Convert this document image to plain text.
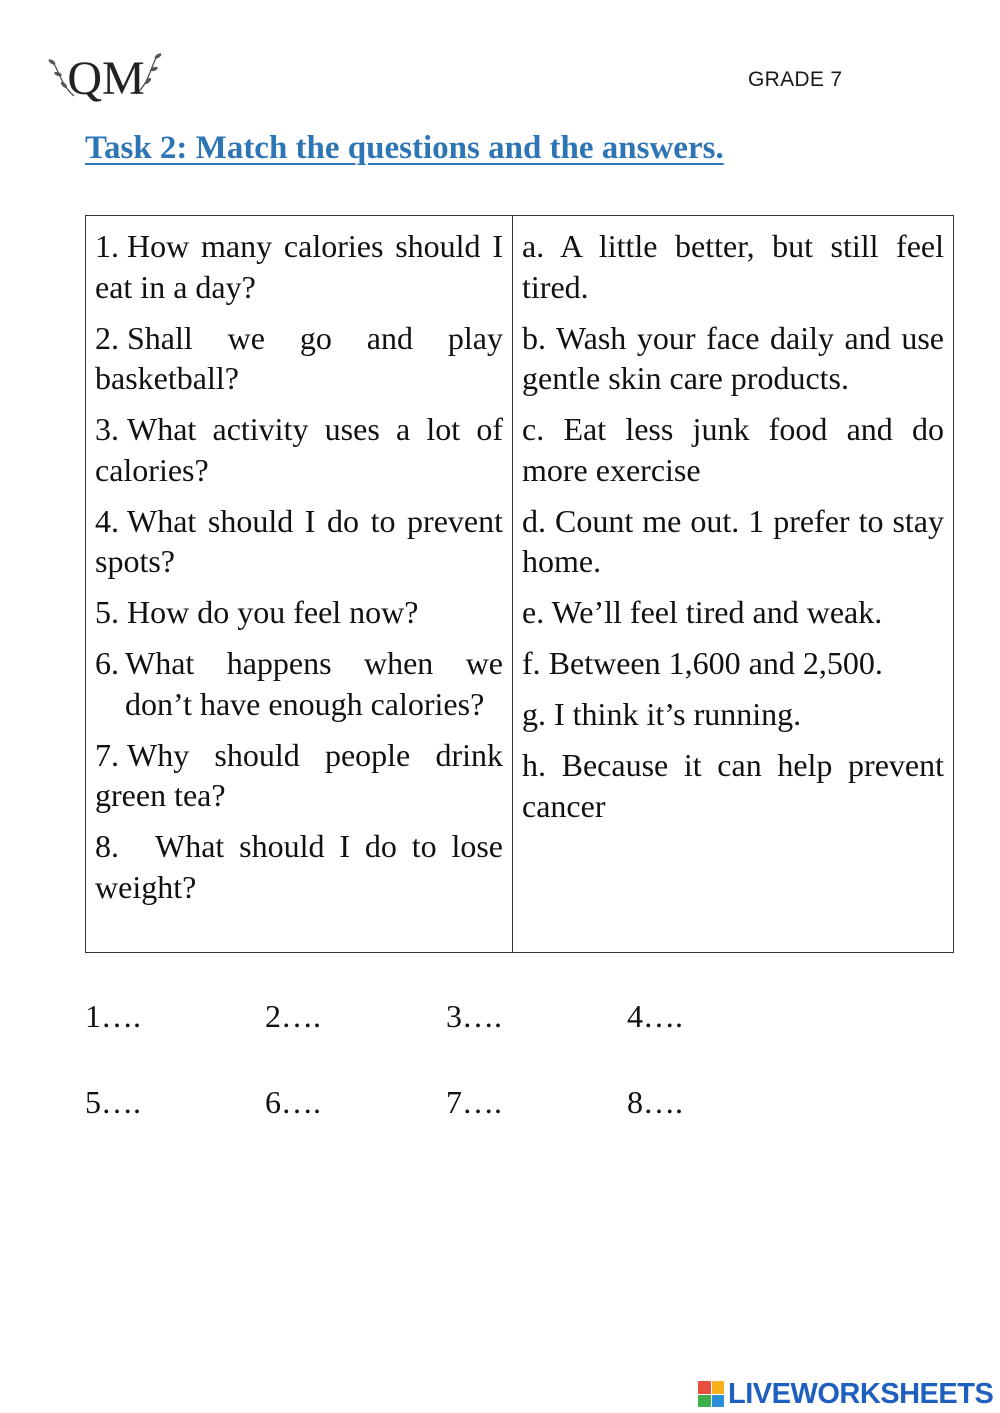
QM	GRADE 7
Task 2: Match the questions and the answers.

1. How many calories should I eat in a day?

2. Shall we go and play basketball?

3. What activity uses a lot of calories?

4. What should I do to prevent spots?

5. How do you feel now?

6. What happens when we don’t have enough calories?

7. Why should people drink green tea?

8. What should I do to lose weight?

a. A little better, but still feel tired.

b. Wash your face daily and use gentle skin care products.

c. Eat less junk food and do more exercise

d. Count me out. 1 prefer to stay home.

e. We’ll feel tired and weak.

f. Between 1,600 and 2,500.

g. I think it’s running.

h. Because it can help prevent cancer

1….	2….	3….	4….
5….	6….	7….	8….
LIVEWORKSHEETS
